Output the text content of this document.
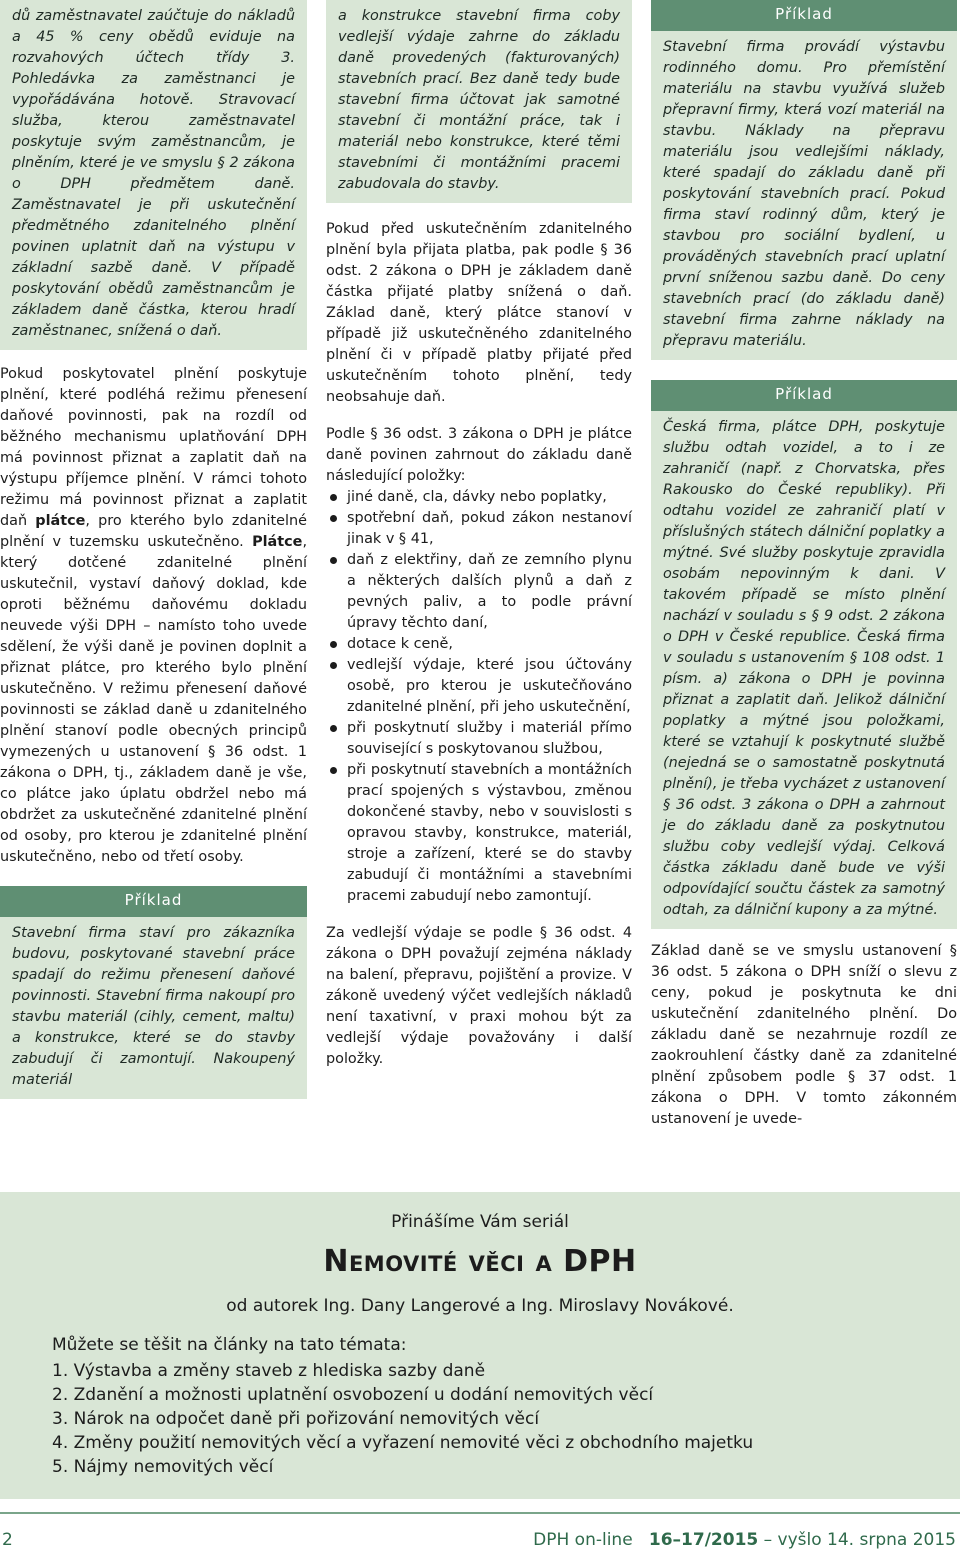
dů zaměstnavatel zaúčtuje do nákladů a 45 % ceny obědů eviduje na rozvahových účtech třídy 3. Pohledávka za zaměstnanci je vypořádávána hotově. Stravovací služba, kterou zaměstnavatel poskytuje svým zaměstnancům, je plněním, které je ve smyslu § 2 zákona o DPH předmětem daně. Zaměstnavatel je při uskutečnění předmětného zdanitelného plnění povinen uplatnit daň na výstupu v základní sazbě daně. V případě poskytování obědů zaměstnancům je základem daně částka, kterou hradí zaměstnanec, snížená o daň.

Pokud poskytovatel plnění poskytuje plnění, které podléhá režimu přenesení daňové povinnosti, pak na rozdíl od běžného mechanismu uplatňování DPH má povinnost přiznat a zaplatit daň na výstupu příjemce plnění. V rámci tohoto režimu má povinnost přiznat a zaplatit daň plátce, pro kterého bylo zdanitelné plnění v tuzemsku uskutečněno. Plátce, který dotčené zdanitelné plnění uskutečnil, vystaví daňový doklad, kde oproti běžnému daňovému dokladu neuvede výši DPH – namísto toho uvede sdělení, že výši daně je povinen doplnit a přiznat plátce, pro kterého bylo plnění uskutečněno. V režimu přenesení daňové povinnosti se základ daně u zdanitelného plnění stanoví podle obecných principů vymezených u ustanovení § 36 odst. 1 zákona o DPH, tj., základem daně je vše, co plátce jako úplatu obdržel nebo má obdržet za uskutečněné zdanitelné plnění od osoby, pro kterou je zdanitelné plnění uskutečněno, nebo od třetí osoby.

Příklad

Stavební firma staví pro zákazníka budovu, poskytované stavební práce spadají do režimu přenesení daňové povinnosti. Stavební firma nakoupí pro stavbu materiál (cihly, cement, maltu) a konstrukce, které se do stavby zabudují či zamontují. Nakoupený materiál

a konstrukce stavební firma coby vedlejší výdaje zahrne do základu daně provedených (fakturovaných) stavebních prací. Bez daně tedy bude stavební firma účtovat jak samotné stavební či montážní práce, tak i materiál nebo konstrukce, které těmi stavebními či montážními pracemi zabudovala do stavby.

Pokud před uskutečněním zdanitelného plnění byla přijata platba, pak podle § 36 odst. 2 zákona o DPH je základem daně částka přijaté platby snížená o daň. Základ daně, který plátce stanoví v případě již uskutečněného zdanitelného plnění či v případě platby přijaté před uskutečněním tohoto plnění, tedy neobsahuje daň.

Podle § 36 odst. 3 zákona o DPH je plátce daně povinen zahrnout do základu daně následující položky:

jiné daně, cla, dávky nebo poplatky,
spotřební daň, pokud zákon nestanoví jinak v § 41,
daň z elektřiny, daň ze zemního plynu a některých dalších plynů a daň z pevných paliv, a to podle právní úpravy těchto daní,
dotace k ceně,
vedlejší výdaje, které jsou účtovány osobě, pro kterou je uskutečňováno zdanitelné plnění, při jeho uskutečnění,
při poskytnutí služby i materiál přímo související s poskytovanou službou,
při poskytnutí stavebních a montážních prací spojených s výstavbou, změnou dokončené stavby, nebo v souvislosti s opravou stavby, konstrukce, materiál, stroje a zařízení, které se do stavby zabudují či montážními a stavebními pracemi zabudují nebo zamontují.

Za vedlejší výdaje se podle § 36 odst. 4 zákona o DPH považují zejména náklady na balení, přepravu, pojištění a provize. V zákoně uvedený výčet vedlejších nákladů není taxativní, v praxi mohou být za vedlejší výdaje považovány i další položky.

Příklad

Stavební firma provádí výstavbu rodinného domu. Pro přemístění materiálu na stavbu využívá služeb přepravní firmy, která vozí materiál na stavbu. Náklady na přepravu materiálu jsou vedlejšími náklady, které spadají do základu daně při poskytování stavebních prací. Pokud firma staví rodinný dům, který je stavbou pro sociální bydlení, u prováděných stavebních prací uplatní první sníženou sazbu daně. Do ceny stavebních prací (do základu daně) stavební firma zahrne náklady na přepravu materiálu.

Příklad

Česká firma, plátce DPH, poskytuje službu odtah vozidel, a to i ze zahraničí (např. z Chorvatska, přes Rakousko do České republiky). Při odtahu vozidel ze zahraničí platí v příslušných státech dálniční poplatky a mýtné. Své služby poskytuje zpravidla osobám nepovinným k dani. V takovém případě se místo plnění nachází v souladu s § 9 odst. 2 zákona o DPH v České republice. Česká firma v souladu s ustanovením § 108 odst. 1 písm. a) zákona o DPH je povinna přiznat a zaplatit daň. Jelikož dálniční poplatky a mýtné jsou položkami, které se vztahují k poskytnuté službě (nejedná se o samostatně poskytnutá plnění), je třeba vycházet z ustanovení § 36 odst. 3 zákona o DPH a zahrnout je do základu daně za poskytnutou službu coby vedlejší výdaj. Celková částka základu daně bude ve výši odpovídající součtu částek za samotný odtah, za dálniční kupony a za mýtné.

Základ daně se ve smyslu ustanovení § 36 odst. 5 zákona o DPH sníží o slevu z ceny, pokud je poskytnuta ke dni uskutečnění zdanitelného plnění. Do základu daně se nezahrnuje rozdíl ze zaokrouhlení částky daně za zdanitelné plnění způsobem podle § 37 odst. 1 zákona o DPH. V tomto zákonném ustanovení je uvede-

Přinášíme Vám seriál
Nemovité věci a DPH
od autorek Ing. Dany Langerové a Ing. Miroslavy Novákové.
Můžete se těšit na články na tato témata:
1. Výstavba a změny staveb z hlediska sazby daně
2. Zdanění a možnosti uplatnění osvobození u dodání nemovitých věcí
3. Nárok na odpočet daně při pořizování nemovitých věcí
4. Změny použití nemovitých věcí a vyřazení nemovité věci z obchodního majetku
5. Nájmy nemovitých věcí
2	DPH on-line 16–17/2015 – vyšlo 14. srpna 2015
